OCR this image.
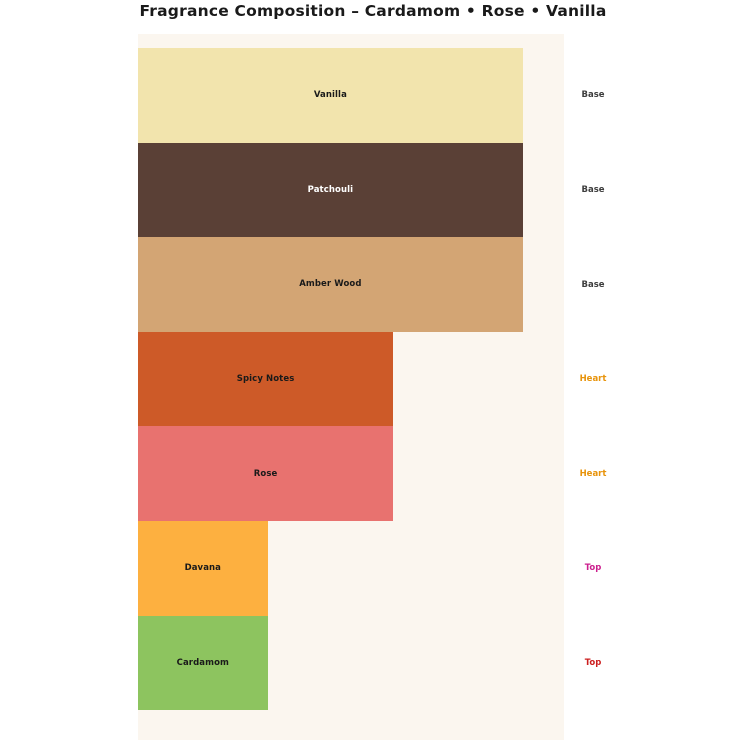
Fragrance Composition – Cardamom • Rose • Vanilla
Vanilla
Patchouli
Amber Wood
Spicy Notes
Rose
Davana
Cardamom
Base
Base
Base
Heart
Heart
Top
Top
